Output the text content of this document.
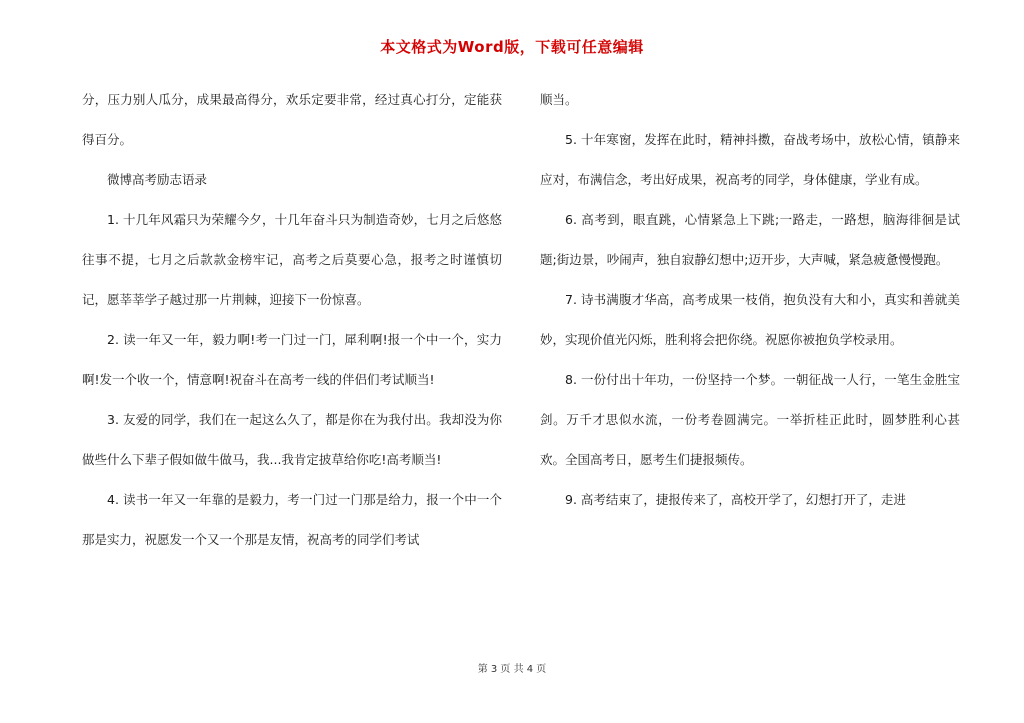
本文格式为Word版，下载可任意编辑

分，压力别人瓜分，成果最高得分，欢乐定要非常，经过真心打分，定能获得百分。

微博高考励志语录

1. 十几年风霜只为荣耀今夕，十几年奋斗只为制造奇妙，七月之后悠悠往事不提，七月之后款款金榜牢记，高考之后莫要心急，报考之时谨慎切记，愿莘莘学子越过那一片荆棘，迎接下一份惊喜。

2. 读一年又一年，毅力啊!考一门过一门，犀利啊!报一个中一个，实力啊!发一个收一个，情意啊!祝奋斗在高考一线的伴侣们考试顺当!

3. 友爱的同学，我们在一起这么久了，都是你在为我付出。我却没为你做些什么下辈子假如做牛做马，我...我肯定披草给你吃!高考顺当!

4. 读书一年又一年靠的是毅力，考一门过一门那是给力，报一个中一个那是实力，祝愿发一个又一个那是友情，祝高考的同学们考试

顺当。

5. 十年寒窗，发挥在此时，精神抖擞，奋战考场中，放松心情，镇静来应对，布满信念，考出好成果，祝高考的同学，身体健康，学业有成。

6. 高考到，眼直跳，心情紧急上下跳;一路走，一路想，脑海徘徊是试题;街边景，吵闹声，独自寂静幻想中;迈开步，大声喊，紧急疲惫慢慢跑。

7. 诗书满腹才华高，高考成果一枝俏，抱负没有大和小，真实和善就美妙，实现价值光闪烁，胜利将会把你绕。祝愿你被抱负学校录用。

8. 一份付出十年功，一份坚持一个梦。一朝征战一人行，一笔生金胜宝剑。万千才思似水流，一份考卷圆满完。一举折桂正此时，圆梦胜利心甚欢。全国高考日，愿考生们捷报频传。

9. 高考结束了，捷报传来了，高校开学了，幻想打开了，走进

第 3 页 共 4 页
